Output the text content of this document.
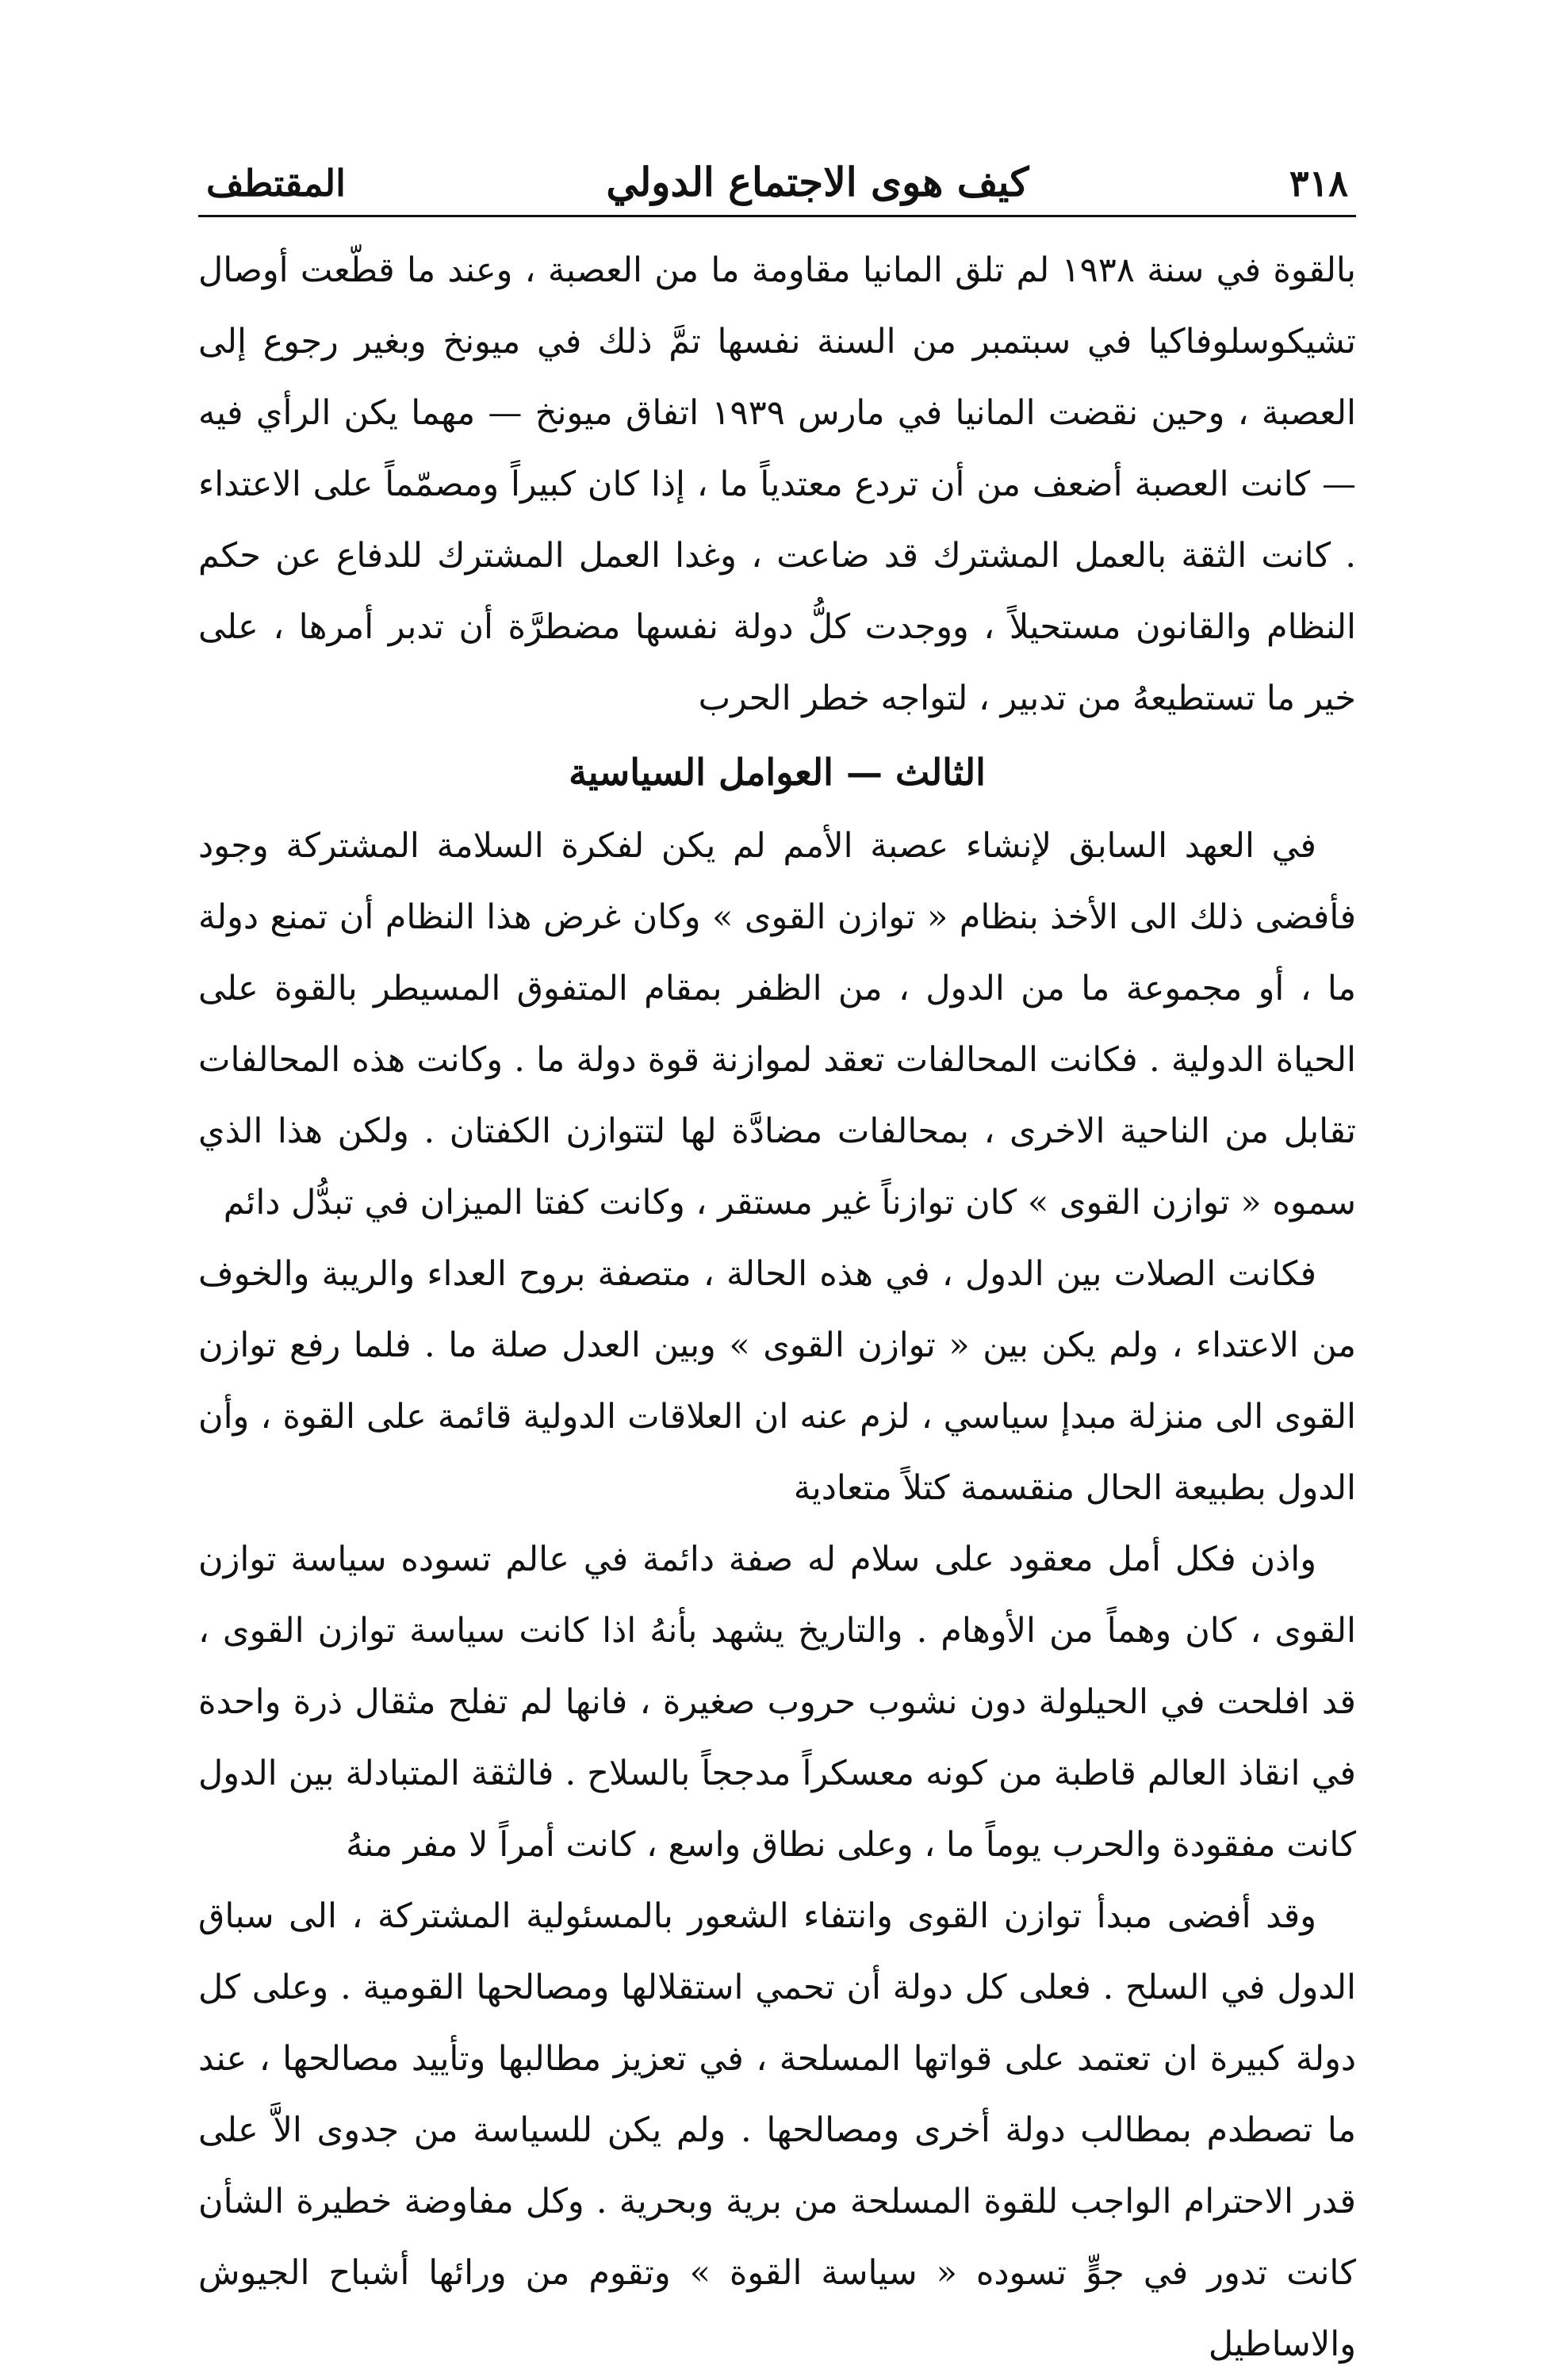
٣١٨
كيف هوى الاجتماع الدولي
المقتطف

بالقوة في سنة ١٩٣٨ لم تلق المانيا مقاومة ما من العصبة ، وعند ما قطّعت أوصال تشيكوسلوفاكيا في سبتمبر من السنة نفسها تمَّ ذلك في ميونخ وبغير رجوع إلى العصبة ، وحين نقضت المانيا في مارس ١٩٣٩ اتفاق ميونخ — مهما يكن الرأي فيه — كانت العصبة أضعف من أن تردع معتدياً ما ، إذا كان كبيراً ومصمّماً على الاعتداء . كانت الثقة بالعمل المشترك قد ضاعت ، وغدا العمل المشترك للدفاع عن حكم النظام والقانون مستحيلاً ، ووجدت كلُّ دولة نفسها مضطرَّة أن تدبر أمرها ، على خير ما تستطيعهُ من تدبير ، لتواجه خطر الحرب

الثالث — العوامل السياسية

في العهد السابق لإنشاء عصبة الأمم لم يكن لفكرة السلامة المشتركة وجود فأفضى ذلك الى الأخذ بنظام « توازن القوى » وكان غرض هذا النظام أن تمنع دولة ما ، أو مجموعة ما من الدول ، من الظفر بمقام المتفوق المسيطر بالقوة على الحياة الدولية . فكانت المحالفات تعقد لموازنة قوة دولة ما . وكانت هذه المحالفات تقابل من الناحية الاخرى ، بمحالفات مضادَّة لها لتتوازن الكفتان . ولكن هذا الذي سموه « توازن القوى » كان توازناً غير مستقر ، وكانت كفتا الميزان في تبدُّل دائم

فكانت الصلات بين الدول ، في هذه الحالة ، متصفة بروح العداء والريبة والخوف من الاعتداء ، ولم يكن بين « توازن القوى » وبين العدل صلة ما . فلما رفع توازن القوى الى منزلة مبدإ سياسي ، لزم عنه ان العلاقات الدولية قائمة على القوة ، وأن الدول بطبيعة الحال منقسمة كتلاً متعادية

واذن فكل أمل معقود على سلام له صفة دائمة في عالم تسوده سياسة توازن القوى ، كان وهماً من الأوهام . والتاريخ يشهد بأنهُ اذا كانت سياسة توازن القوى ، قد افلحت في الحيلولة دون نشوب حروب صغيرة ، فانها لم تفلح مثقال ذرة واحدة في انقاذ العالم قاطبة من كونه معسكراً مدججاً بالسلاح . فالثقة المتبادلة بين الدول كانت مفقودة والحرب يوماً ما ، وعلى نطاق واسع ، كانت أمراً لا مفر منهُ

وقد أفضى مبدأ توازن القوى وانتفاء الشعور بالمسئولية المشتركة ، الى سباق الدول في السلح . فعلى كل دولة أن تحمي استقلالها ومصالحها القومية . وعلى كل دولة كبيرة ان تعتمد على قواتها المسلحة ، في تعزيز مطالبها وتأييد مصالحها ، عند ما تصطدم بمطالب دولة أخرى ومصالحها . ولم يكن للسياسة من جدوى الاَّ على قدر الاحترام الواجب للقوة المسلحة من برية وبحرية . وكل مفاوضة خطيرة الشأن كانت تدور في جوٍّ تسوده « سياسة القوة » وتقوم من ورائها أشباح الجيوش والاساطيل
